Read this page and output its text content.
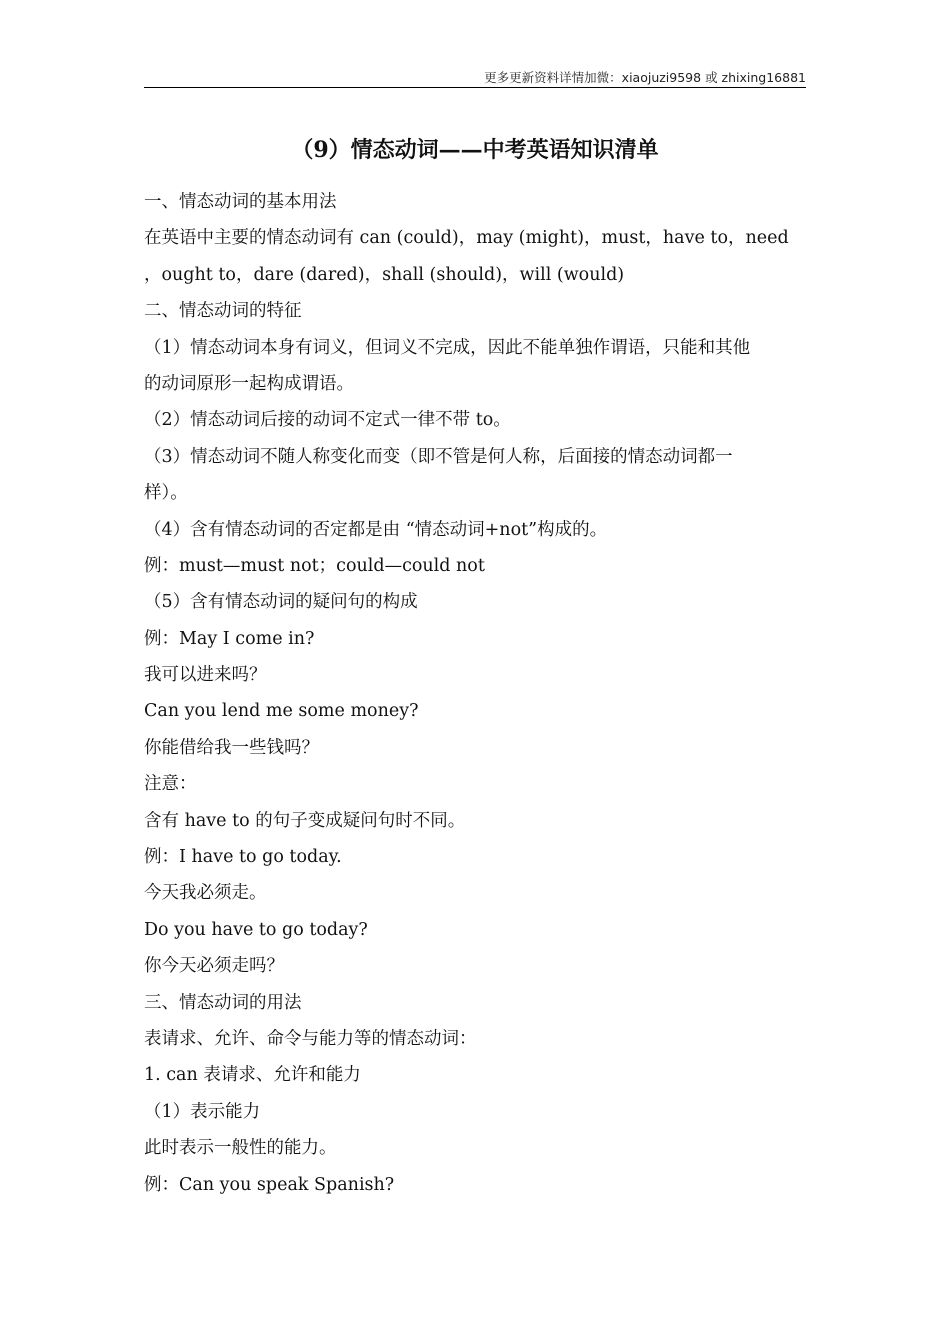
更多更新资料详情加微：xiaojuzi9598 或 zhixing16881
（9）情态动词——中考英语知识清单
一、情态动词的基本用法
在英语中主要的情态动词有 can (could)，may (might)，must，have to，need
，ought to，dare (dared)，shall (should)，will (would)
二、情态动词的特征
（1）情态动词本身有词义，但词义不完成，因此不能单独作谓语，只能和其他
的动词原形一起构成谓语。
（2）情态动词后接的动词不定式一律不带 to。
（3）情态动词不随人称变化而变（即不管是何人称，后面接的情态动词都一
样）。
（4）含有情态动词的否定都是由 “情态动词+not”构成的。
例：must—must not；could—could not
（5）含有情态动词的疑问句的构成
例：May I come in?
我可以进来吗？
Can you lend me some money?
你能借给我一些钱吗？
注意：
含有 have to 的句子变成疑问句时不同。
例：I have to go today.
今天我必须走。
Do you have to go today?
你今天必须走吗？
三、情态动词的用法
表请求、允许、命令与能力等的情态动词：
1. can 表请求、允许和能力
（1）表示能力
此时表示一般性的能力。
例：Can you speak Spanish?
